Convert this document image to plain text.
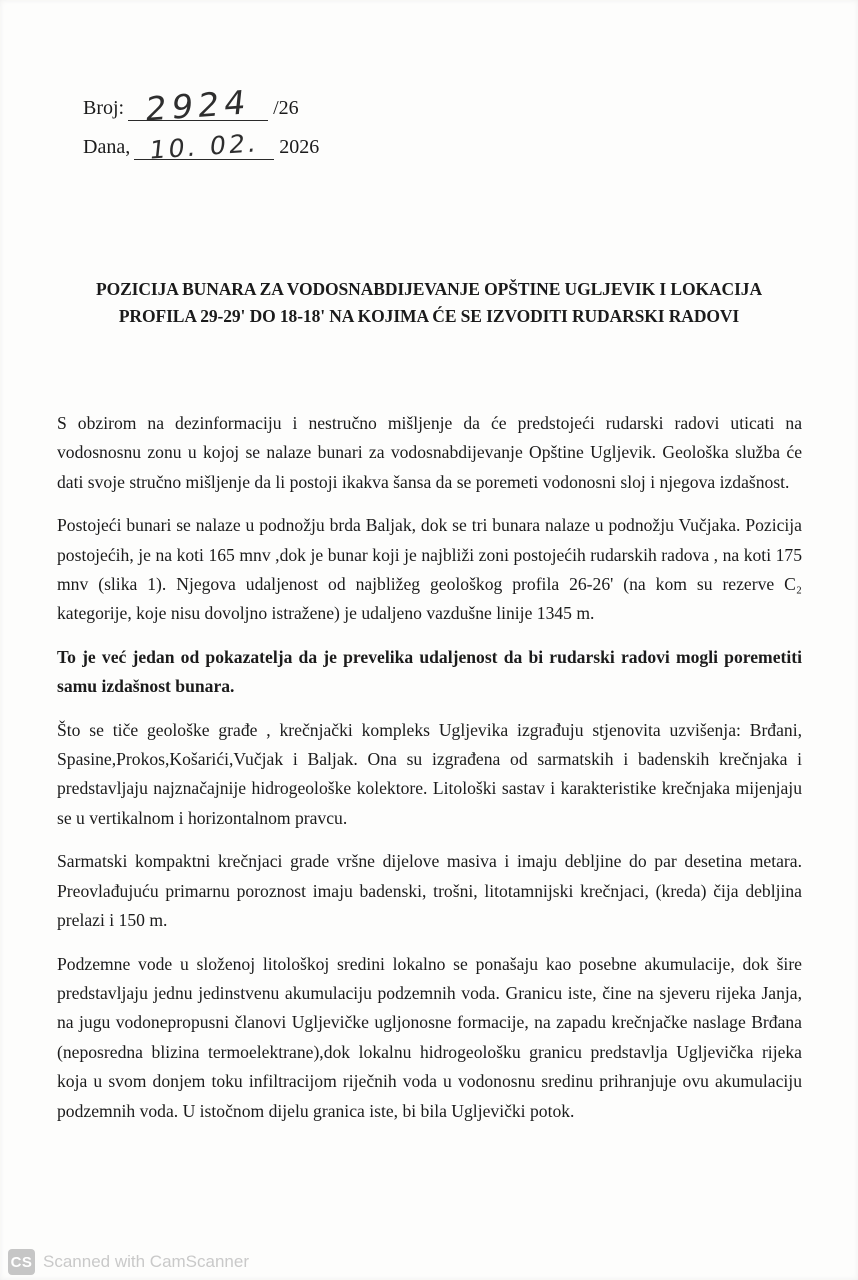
Broj: 2924	/26
Dana, 10. 02. 2026
POZICIJA BUNARA ZA VODOSNABDIJEVANJE OPŠTINE UGLJEVIK I LOKACIJA
PROFILA 29-29' DO 18-18' NA KOJIMA ĆE SE IZVODITI RUDARSKI RADOVI

S obzirom na dezinformaciju i nestručno mišljenje da će predstojeći rudarski radovi uticati na vodosnosnu zonu u kojoj se nalaze bunari za vodosnabdijevanje Opštine Ugljevik. Geološka služba će dati svoje stručno mišljenje da li postoji ikakva šansa da se poremeti vodonosni sloj i njegova izdašnost.

Postojeći bunari se nalaze u podnožju brda Baljak, dok se tri bunara nalaze u podnožju Vučjaka. Pozicija postojećih, je na koti 165 mnv ,dok je bunar koji je najbliži zoni postojećih rudarskih radova , na koti 175 mnv (slika 1). Njegova udaljenost od najbližeg geološkog profila 26-26' (na kom su rezerve C₂ kategorije, koje nisu dovoljno istražene) je udaljeno vazdušne linije 1345 m.

To je već jedan od pokazatelja da je prevelika udaljenost da bi rudarski radovi mogli poremetiti samu izdašnost bunara.

Što se tiče geološke građe , krečnjački kompleks Ugljevika izgrađuju stjenovita uzvišenja: Brđani, Spasine,Prokos,Košarići,Vučjak i Baljak. Ona su izgrađena od sarmatskih i badenskih krečnjaka i predstavljaju najznačajnije hidrogeološke kolektore. Litološki sastav i karakteristike krečnjaka mijenjaju se u vertikalnom i horizontalnom pravcu.

Sarmatski kompaktni krečnjaci grade vršne dijelove masiva i imaju debljine do par desetina metara. Preovlađujuću primarnu poroznost imaju badenski, trošni, litotamnijski krečnjaci, (kreda) čija debljina prelazi i 150 m.

Podzemne vode u složenoj litološkoj sredini lokalno se ponašaju kao posebne akumulacije, dok šire predstavljaju jednu jedinstvenu akumulaciju podzemnih voda. Granicu iste, čine na sjeveru rijeka Janja, na jugu vodonepropusni članovi Ugljevičke ugljonosne formacije, na zapadu krečnjačke naslage Brđana (neposredna blizina termoelektrane),dok lokalnu hidrogeološku granicu predstavlja Ugljevička rijeka koja u svom donjem toku infiltracijom riječnih voda u vodonosnu sredinu prihranjuje ovu akumulaciju podzemnih voda. U istočnom dijelu granica iste, bi bila Ugljevički potok.

CS Scanned with CamScanner
